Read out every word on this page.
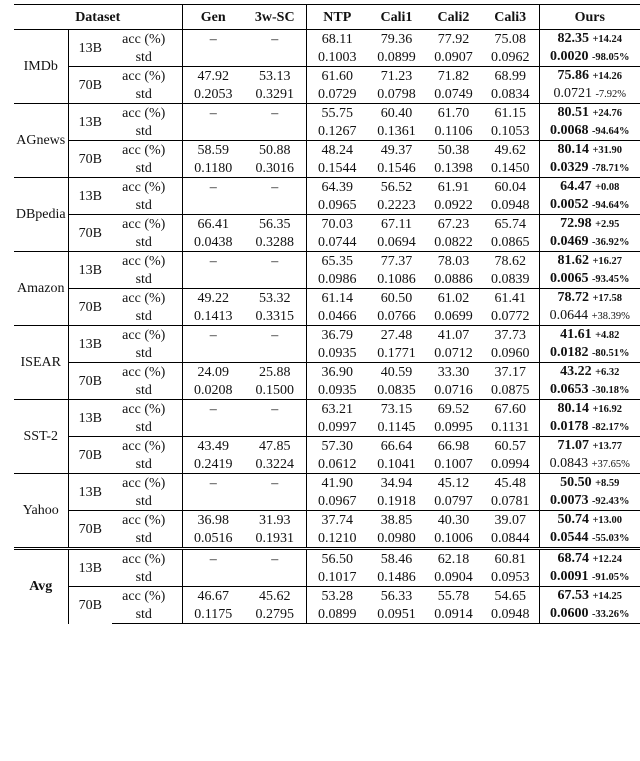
Dataset			Gen	3w-SC	NTP	Cali1	Cali2	Cali3	Ours
IMDb	13B	acc (%)	–	–	68.11	79.36	77.92	75.08	82.35 +14.24
		std			0.1003	0.0899	0.0907	0.0962	0.0020 -98.05%
	70B	acc (%)	47.92	53.13	61.60	71.23	71.82	68.99	75.86 +14.26
		std	0.2053	0.3291	0.0729	0.0798	0.0749	0.0834	0.0721 -7.92%
AGnews	13B	acc (%)	–	–	55.75	60.40	61.70	61.15	80.51 +24.76
		std			0.1267	0.1361	0.1106	0.1053	0.0068 -94.64%
	70B	acc (%)	58.59	50.88	48.24	49.37	50.38	49.62	80.14 +31.90
		std	0.1180	0.3016	0.1544	0.1546	0.1398	0.1450	0.0329 -78.71%
DBpedia	13B	acc (%)	–	–	64.39	56.52	61.91	60.04	64.47 +0.08
		std			0.0965	0.2223	0.0922	0.0948	0.0052 -94.64%
	70B	acc (%)	66.41	56.35	70.03	67.11	67.23	65.74	72.98 +2.95
		std	0.0438	0.3288	0.0744	0.0694	0.0822	0.0865	0.0469 -36.92%
Amazon	13B	acc (%)	–	–	65.35	77.37	78.03	78.62	81.62 +16.27
		std			0.0986	0.1086	0.0886	0.0839	0.0065 -93.45%
	70B	acc (%)	49.22	53.32	61.14	60.50	61.02	61.41	78.72 +17.58
		std	0.1413	0.3315	0.0466	0.0766	0.0699	0.0772	0.0644 +38.39%
ISEAR	13B	acc (%)	–	–	36.79	27.48	41.07	37.73	41.61 +4.82
		std			0.0935	0.1771	0.0712	0.0960	0.0182 -80.51%
	70B	acc (%)	24.09	25.88	36.90	40.59	33.30	37.17	43.22 +6.32
		std	0.0208	0.1500	0.0935	0.0835	0.0716	0.0875	0.0653 -30.18%
SST-2	13B	acc (%)	–	–	63.21	73.15	69.52	67.60	80.14 +16.92
		std			0.0997	0.1145	0.0995	0.1131	0.0178 -82.17%
	70B	acc (%)	43.49	47.85	57.30	66.64	66.98	60.57	71.07 +13.77
		std	0.2419	0.3224	0.0612	0.1041	0.1007	0.0994	0.0843 +37.65%
Yahoo	13B	acc (%)	–	–	41.90	34.94	45.12	45.48	50.50 +8.59
		std			0.0967	0.1918	0.0797	0.0781	0.0073 -92.43%
	70B	acc (%)	36.98	31.93	37.74	38.85	40.30	39.07	50.74 +13.00
		std	0.0516	0.1931	0.1210	0.0980	0.1006	0.0844	0.0544 -55.03%
Avg	13B	acc (%)	–	–	56.50	58.46	62.18	60.81	68.74 +12.24
		std			0.1017	0.1486	0.0904	0.0953	0.0091 -91.05%
	70B	acc (%)	46.67	45.62	53.28	56.33	55.78	54.65	67.53 +14.25
		std	0.1175	0.2795	0.0899	0.0951	0.0914	0.0948	0.0600 -33.26%
